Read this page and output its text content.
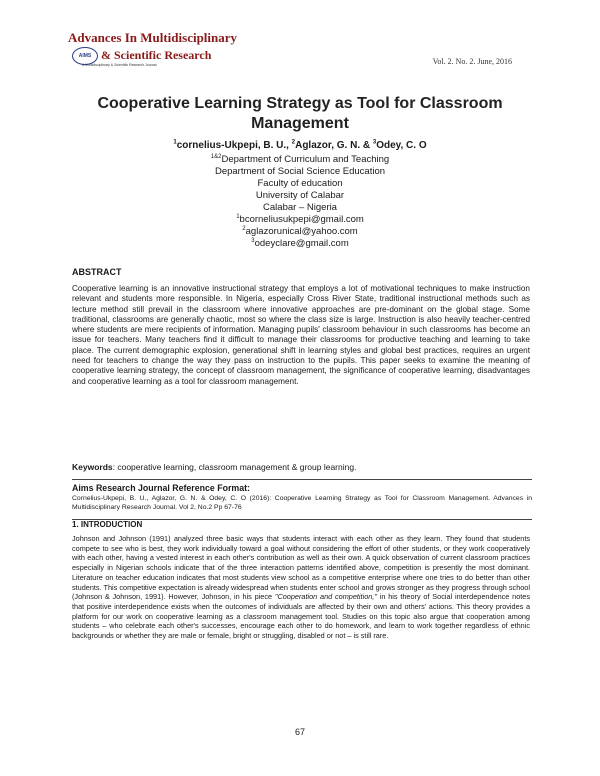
Advances In Multidisciplinary
AIMS & Scientific Research
A Multidisciplinary & Scientific Research Journal	Vol. 2. No. 2. June, 2016
Cooperative Learning Strategy as Tool for Classroom Management
$^1$cornelius-Ukpepi, B. U., $^2$Aglazor, G. N. & $^3$Odey, C. O
$^{1\&2}$Department of Curriculum and Teaching
Department of Social Science Education
Faculty of education
University of Calabar
Calabar – Nigeria
$^1$bcorneliusukpepi@gmail.com
$^2$aglazorunical@yahoo.com
$^3$odeyclare@gmail.com
ABSTRACT
Cooperative learning is an innovative instructional strategy that employs a lot of motivational techniques to make instruction relevant and students more responsible. In Nigeria, especially Cross River State, traditional instructional methods such as lecture method still prevail in the classroom where innovative approaches are pre-dominant on the global stage. Some traditional, classrooms are generally chaotic, most so where the class size is large. Instruction is also heavily teacher-centred where students are mere recipients of information. Managing pupils' classroom behaviour in such classrooms has become an issue for teachers. Many teachers find it difficult to manage their classrooms for productive teaching and learning to take place. The current demographic explosion, generational shift in learning styles and global best practices, requires an urgent need for teachers to change the way they pass on instruction to the pupils. This paper seeks to examine the meaning of cooperative learning strategy, the concept of classroom management, the significance of cooperative learning, disadvantages and cooperative learning as a tool for classroom management.
Keywords: cooperative learning, classroom management & group learning.
Aims Research Journal Reference Format:
Cornelius-Ukpepi, B. U., Aglazor, G. N. & Odey, C. O (2016): Cooperative Learning Strategy as Tool for Classroom Management. Advances in Multidisciplinary Research Journal. Vol 2, No.2 Pp 67-76
1. INTRODUCTION
Johnson and Johnson (1991) analyzed three basic ways that students interact with each other as they learn. They found that students compete to see who is best, they work individually toward a goal without considering the effort of other students, or they work cooperatively with each other, having a vested interest in each other's contribution as well as their own. A quick observation of current classroom practices especially in Nigerian schools indicate that of the three interaction patterns identified above, competition is presently the most dominant. Literature on teacher education indicates that most students view school as a competitive enterprise where one tries to do better than other students. This competitive expectation is already widespread when students enter school and grows stronger as they progress through school (Johnson & Johnson, 1991). However, Johnson, in his piece "Cooperation and competition," in his theory of Social interdependence notes that positive interdependence exists when the outcomes of individuals are affected by their own and others' actions. This theory provides a platform for our work on cooperative learning as a classroom management tool. Studies on this topic also argue that cooperation among students – who celebrate each other's successes, encourage each other to do homework, and learn to work together regardless of ethnic backgrounds or whether they are male or female, bright or struggling, disabled or not – is still rare.
67
